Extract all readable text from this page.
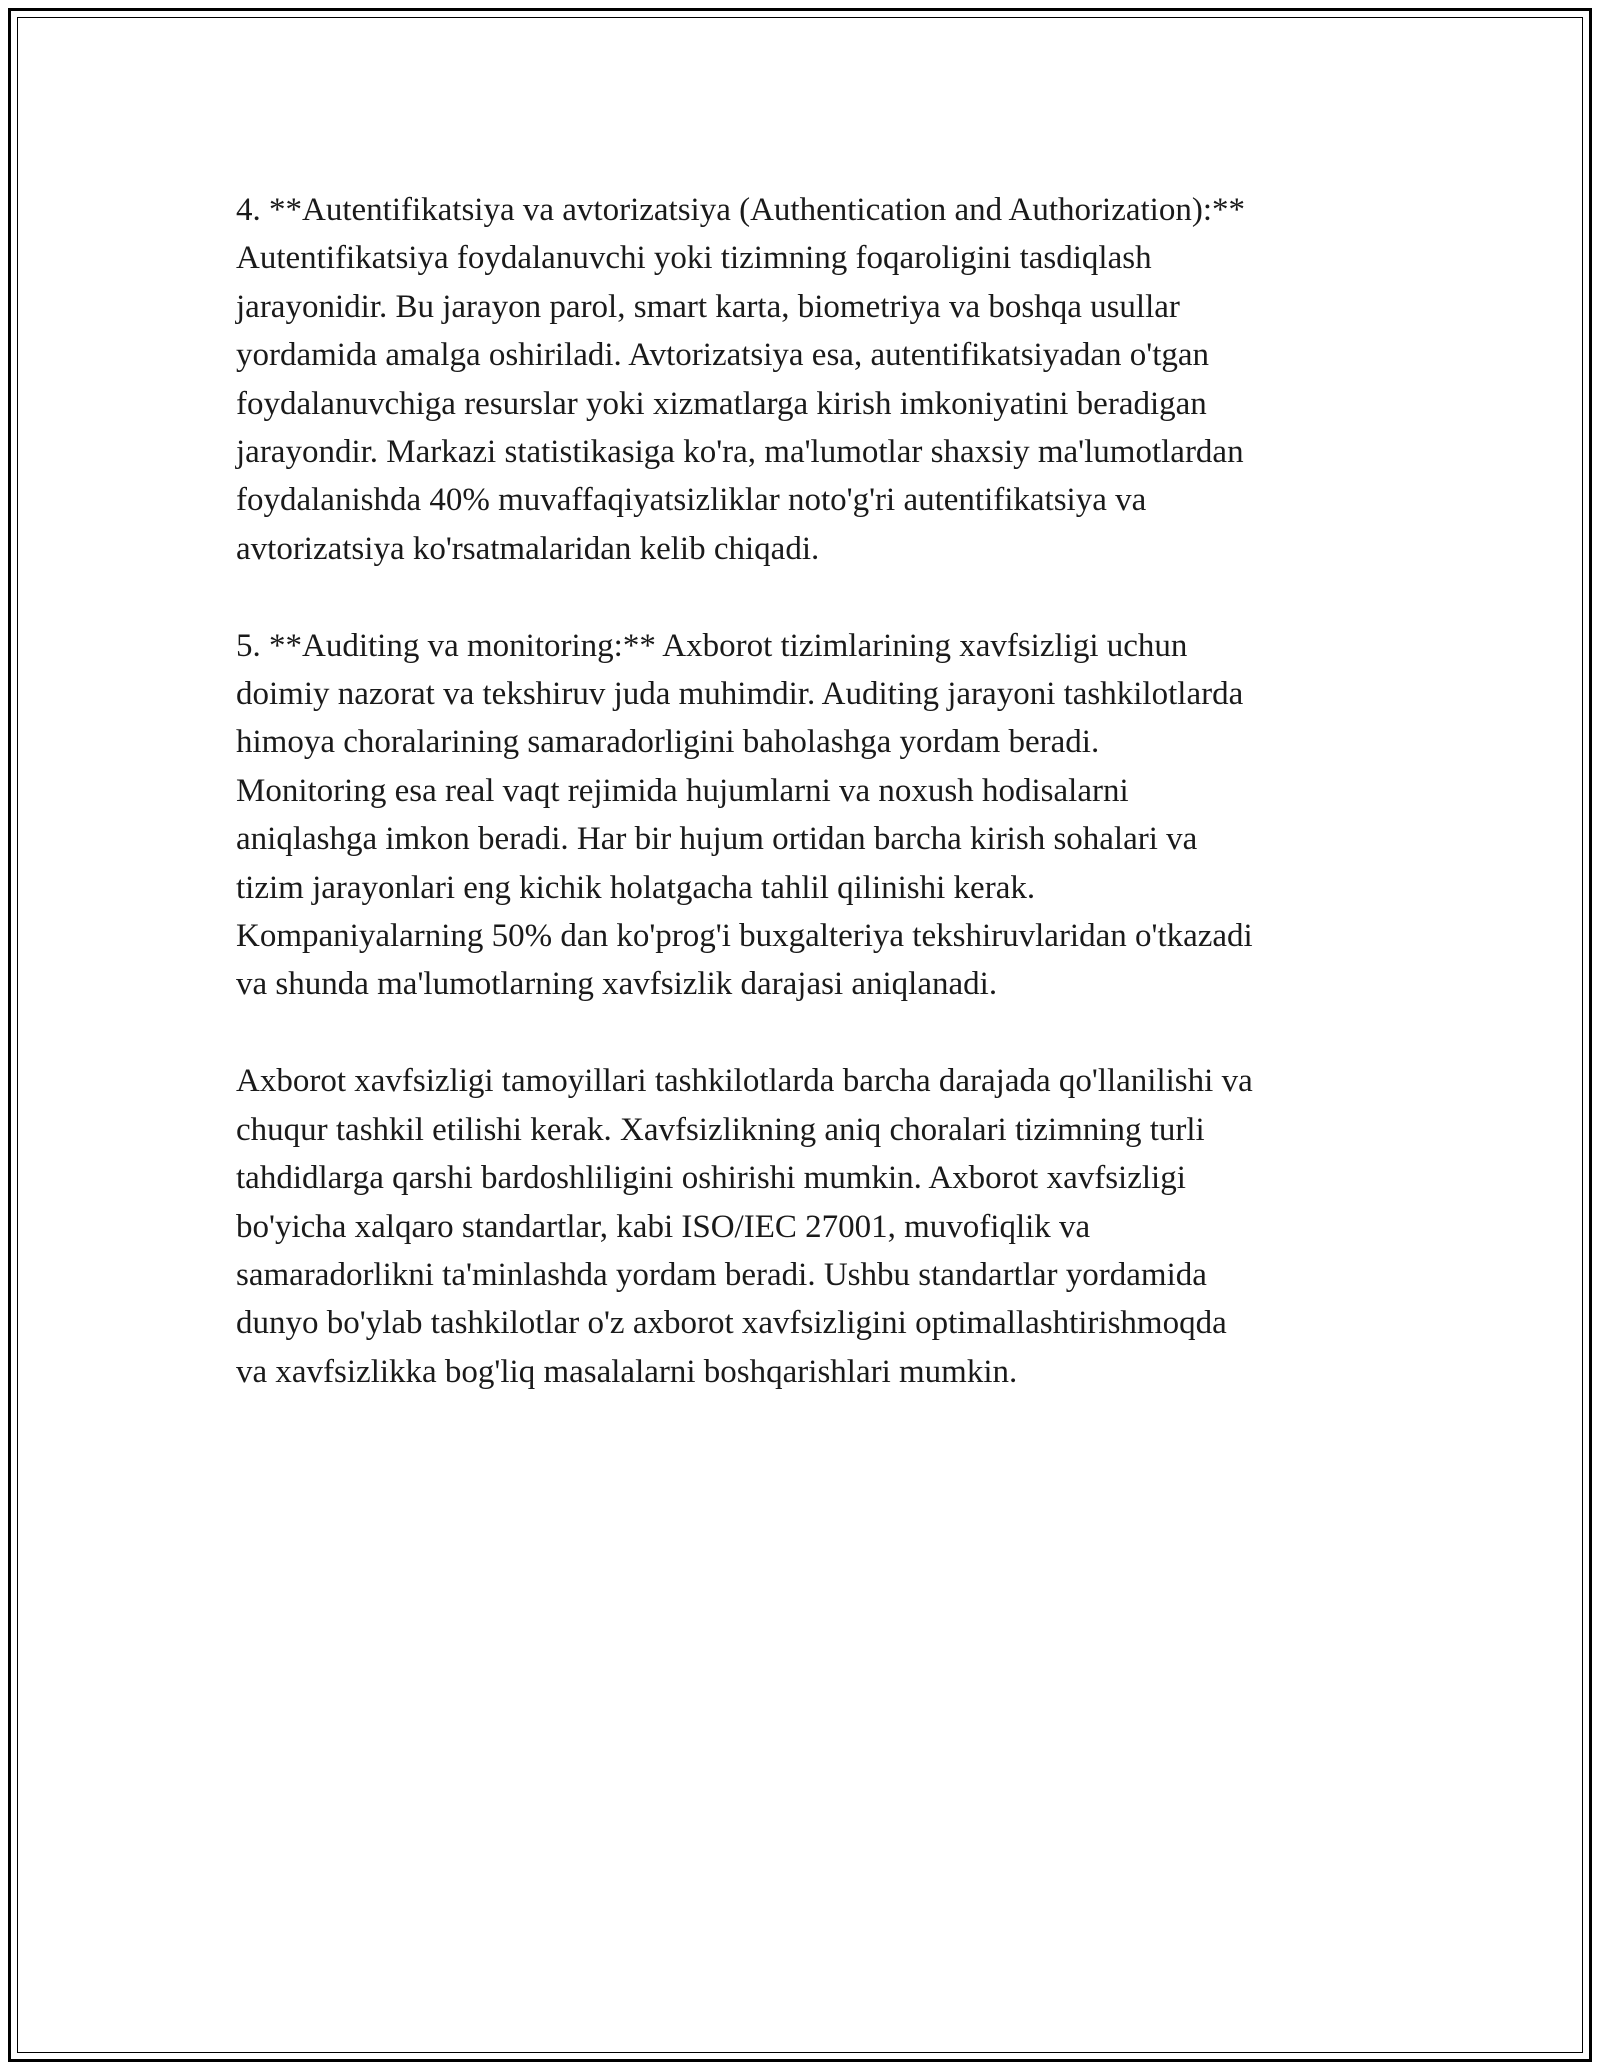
4. **Autentifikatsiya va avtorizatsiya (Authentication and Authorization):**
Autentifikatsiya foydalanuvchi yoki tizimning foqaroligini tasdiqlash
jarayonidir. Bu jarayon parol, smart karta, biometriya va boshqa usullar
yordamida amalga oshiriladi. Avtorizatsiya esa, autentifikatsiyadan o'tgan
foydalanuvchiga resurslar yoki xizmatlarga kirish imkoniyatini beradigan
jarayondir. Markazi statistikasiga ko'ra, ma'lumotlar shaxsiy ma'lumotlardan
foydalanishda 40% muvaffaqiyatsizliklar noto'g'ri autentifikatsiya va
avtorizatsiya ko'rsatmalaridan kelib chiqadi.

5. **Auditing va monitoring:** Axborot tizimlarining xavfsizligi uchun
doimiy nazorat va tekshiruv juda muhimdir. Auditing jarayoni tashkilotlarda
himoya choralarining samaradorligini baholashga yordam beradi.
Monitoring esa real vaqt rejimida hujumlarni va noxush hodisalarni
aniqlashga imkon beradi. Har bir hujum ortidan barcha kirish sohalari va
tizim jarayonlari eng kichik holatgacha tahlil qilinishi kerak.
Kompaniyalarning 50% dan ko'prog'i buxgalteriya tekshiruvlaridan o'tkazadi
va shunda ma'lumotlarning xavfsizlik darajasi aniqlanadi.

Axborot xavfsizligi tamoyillari tashkilotlarda barcha darajada qo'llanilishi va
chuqur tashkil etilishi kerak. Xavfsizlikning aniq choralari tizimning turli
tahdidlarga qarshi bardoshliligini oshirishi mumkin. Axborot xavfsizligi
bo'yicha xalqaro standartlar, kabi ISO/IEC 27001, muvofiqlik va
samaradorlikni ta'minlashda yordam beradi. Ushbu standartlar yordamida
dunyo bo'ylab tashkilotlar o'z axborot xavfsizligini optimallashtirishmoqda
va xavfsizlikka bog'liq masalalarni boshqarishlari mumkin.
